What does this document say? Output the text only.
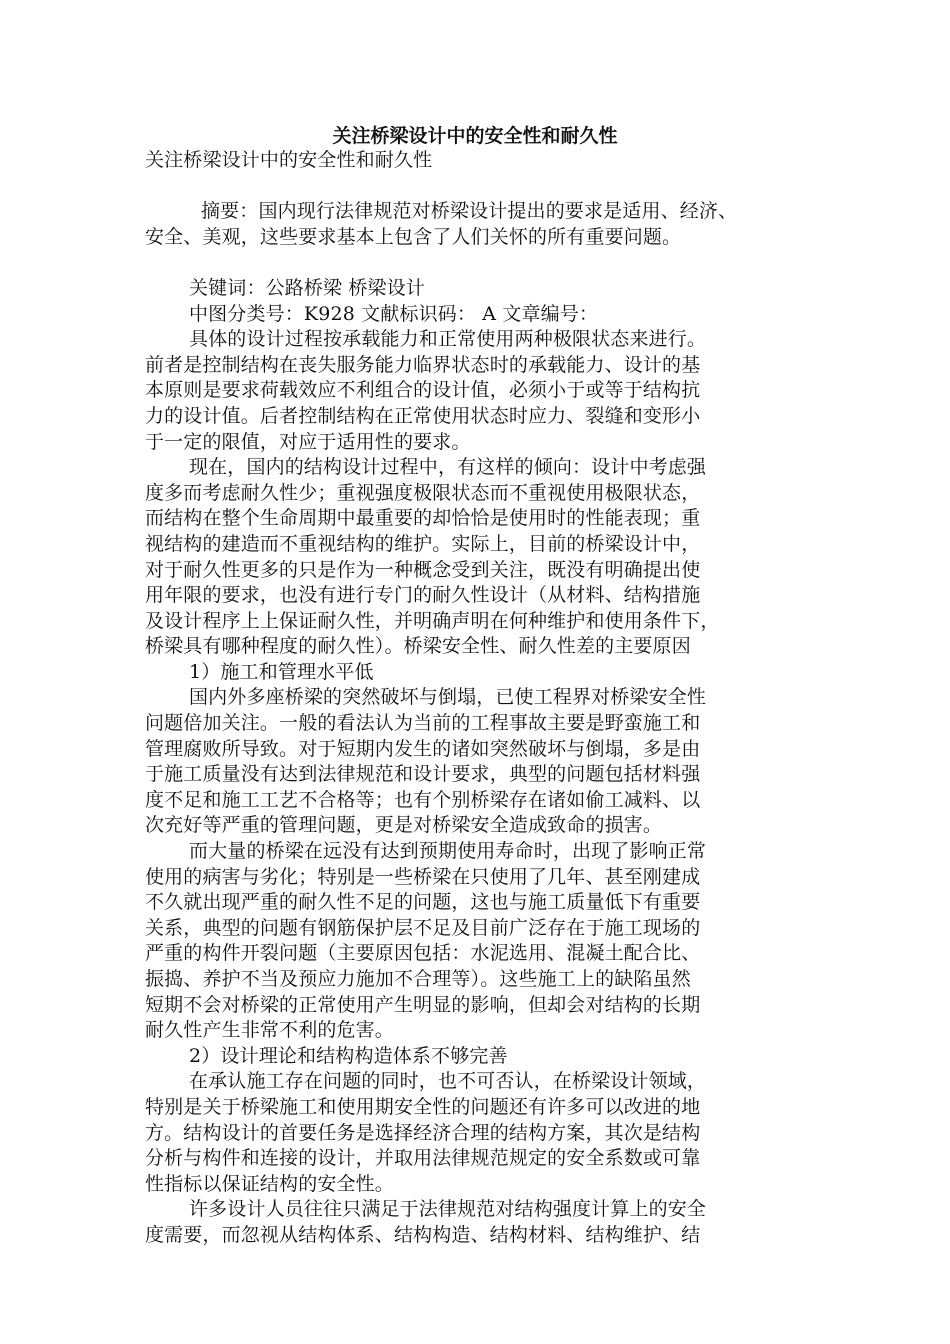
关注桥梁设计中的安全性和耐久性
关注桥梁设计中的安全性和耐久性
摘要：国内现行法律规范对桥梁设计提出的要求是适用、经济、
安全、美观，这些要求基本上包含了人们关怀的所有重要问题。
关键词：公路桥梁 桥梁设计
中图分类号：K928 文献标识码： A 文章编号：
具体的设计过程按承载能力和正常使用两种极限状态来进行。
前者是控制结构在丧失服务能力临界状态时的承载能力、设计的基
本原则是要求荷载效应不利组合的设计值，必须小于或等于结构抗
力的设计值。后者控制结构在正常使用状态时应力、裂缝和变形小
于一定的限值，对应于适用性的要求。
现在，国内的结构设计过程中，有这样的倾向：设计中考虑强
度多而考虑耐久性少；重视强度极限状态而不重视使用极限状态，
而结构在整个生命周期中最重要的却恰恰是使用时的性能表现；重
视结构的建造而不重视结构的维护。实际上，目前的桥梁设计中，
对于耐久性更多的只是作为一种概念受到关注，既没有明确提出使
用年限的要求，也没有进行专门的耐久性设计（从材料、结构措施
及设计程序上上保证耐久性，并明确声明在何种维护和使用条件下，
桥梁具有哪种程度的耐久性）。桥梁安全性、耐久性差的主要原因
1）施工和管理水平低
国内外多座桥梁的突然破坏与倒塌，已使工程界对桥梁安全性
问题倍加关注。一般的看法认为当前的工程事故主要是野蛮施工和
管理腐败所导致。对于短期内发生的诸如突然破坏与倒塌，多是由
于施工质量没有达到法律规范和设计要求，典型的问题包括材料强
度不足和施工工艺不合格等；也有个别桥梁存在诸如偷工减料、以
次充好等严重的管理问题，更是对桥梁安全造成致命的损害。
而大量的桥梁在远没有达到预期使用寿命时，出现了影响正常
使用的病害与劣化；特别是一些桥梁在只使用了几年、甚至刚建成
不久就出现严重的耐久性不足的问题，这也与施工质量低下有重要
关系，典型的问题有钢筋保护层不足及目前广泛存在于施工现场的
严重的构件开裂问题（主要原因包括：水泥选用、混凝土配合比、
振捣、养护不当及预应力施加不合理等）。这些施工上的缺陷虽然
短期不会对桥梁的正常使用产生明显的影响，但却会对结构的长期
耐久性产生非常不利的危害。
2）设计理论和结构构造体系不够完善
在承认施工存在问题的同时，也不可否认，在桥梁设计领域，
特别是关于桥梁施工和使用期安全性的问题还有许多可以改进的地
方。结构设计的首要任务是选择经济合理的结构方案，其次是结构
分析与构件和连接的设计，并取用法律规范规定的安全系数或可靠
性指标以保证结构的安全性。
许多设计人员往往只满足于法律规范对结构强度计算上的安全
度需要，而忽视从结构体系、结构构造、结构材料、结构维护、结
